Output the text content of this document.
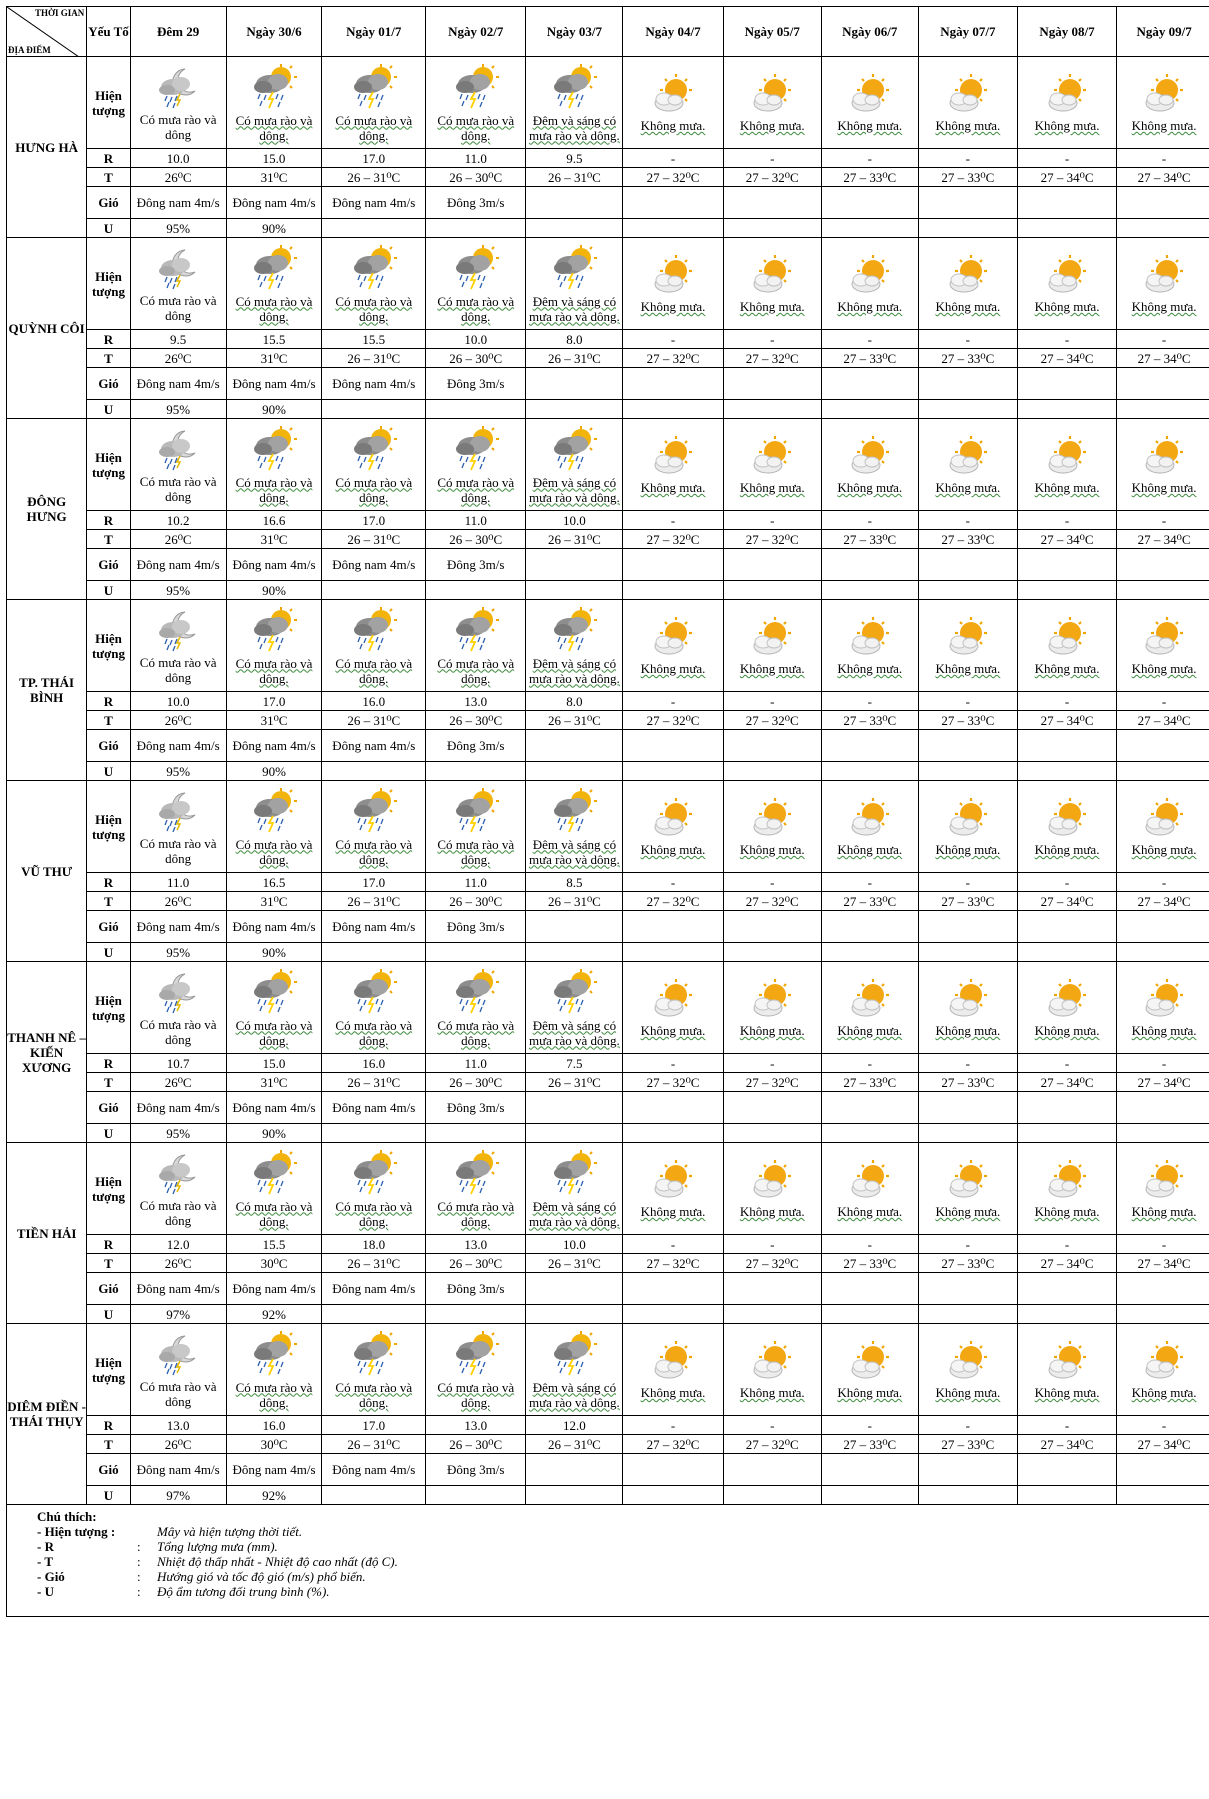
THỜI GIAN
ĐỊA ĐIỂM	Yếu Tố	Đêm 29	Ngày 30/6	Ngày 01/7	Ngày 02/7	Ngày 03/7	Ngày 04/7	Ngày 05/7	Ngày 06/7	Ngày 07/7	Ngày 08/7	Ngày 09/7
HƯNG HÀ	Hiện tượng	Có mưa rào và dông	Có mưa rào và dông.	Có mưa rào và dông.	Có mưa rào và dông.	Đêm và sáng có mưa rào và dông.	Không mưa.	Không mưa.	Không mưa.	Không mưa.	Không mưa.	Không mưa.

	R	10.0	15.0	17.0	11.0	9.5	-	-	-	-	-	-
	T	26⁰C	31⁰C	26 – 31⁰C	26 – 30⁰C	26 – 31⁰C	27 – 32⁰C	27 – 32⁰C	27 – 33⁰C	27 – 33⁰C	27 – 34⁰C	27 – 34⁰C
	Gió	Đông nam 4m/s	Đông nam 4m/s	Đông nam 4m/s	Đông 3m/s							
	U	95%	90%									
QUỲNH CÔI	Hiện tượng	Có mưa rào và dông	Có mưa rào và dông.	Có mưa rào và dông.	Có mưa rào và dông.	Đêm và sáng có mưa rào và dông.	Không mưa.	Không mưa.	Không mưa.	Không mưa.	Không mưa.	Không mưa.

	R	9.5	15.5	15.5	10.0	8.0	-	-	-	-	-	-
	T	26⁰C	31⁰C	26 – 31⁰C	26 – 30⁰C	26 – 31⁰C	27 – 32⁰C	27 – 32⁰C	27 – 33⁰C	27 – 33⁰C	27 – 34⁰C	27 – 34⁰C
	Gió	Đông nam 4m/s	Đông nam 4m/s	Đông nam 4m/s	Đông 3m/s							
	U	95%	90%									
ĐÔNG HƯNG	Hiện tượng	Có mưa rào và dông	Có mưa rào và dông.	Có mưa rào và dông.	Có mưa rào và dông.	Đêm và sáng có mưa rào và dông.	Không mưa.	Không mưa.	Không mưa.	Không mưa.	Không mưa.	Không mưa.

	R	10.2	16.6	17.0	11.0	10.0	-	-	-	-	-	-
	T	26⁰C	31⁰C	26 – 31⁰C	26 – 30⁰C	26 – 31⁰C	27 – 32⁰C	27 – 32⁰C	27 – 33⁰C	27 – 33⁰C	27 – 34⁰C	27 – 34⁰C
	Gió	Đông nam 4m/s	Đông nam 4m/s	Đông nam 4m/s	Đông 3m/s							
	U	95%	90%									
TP. THÁI BÌNH	Hiện tượng	Có mưa rào và dông	Có mưa rào và dông.	Có mưa rào và dông.	Có mưa rào và dông.	Đêm và sáng có mưa rào và dông.	Không mưa.	Không mưa.	Không mưa.	Không mưa.	Không mưa.	Không mưa.

	R	10.0	17.0	16.0	13.0	8.0	-	-	-	-	-	-
	T	26⁰C	31⁰C	26 – 31⁰C	26 – 30⁰C	26 – 31⁰C	27 – 32⁰C	27 – 32⁰C	27 – 33⁰C	27 – 33⁰C	27 – 34⁰C	27 – 34⁰C
	Gió	Đông nam 4m/s	Đông nam 4m/s	Đông nam 4m/s	Đông 3m/s							
	U	95%	90%									
VŨ THƯ	Hiện tượng	Có mưa rào và dông	Có mưa rào và dông.	Có mưa rào và dông.	Có mưa rào và dông.	Đêm và sáng có mưa rào và dông.	Không mưa.	Không mưa.	Không mưa.	Không mưa.	Không mưa.	Không mưa.

	R	11.0	16.5	17.0	11.0	8.5	-	-	-	-	-	-
	T	26⁰C	31⁰C	26 – 31⁰C	26 – 30⁰C	26 – 31⁰C	27 – 32⁰C	27 – 32⁰C	27 – 33⁰C	27 – 33⁰C	27 – 34⁰C	27 – 34⁰C
	Gió	Đông nam 4m/s	Đông nam 4m/s	Đông nam 4m/s	Đông 3m/s							
	U	95%	90%									
THANH NÊ – KIẾN XƯƠNG	Hiện tượng	Có mưa rào và dông	Có mưa rào và dông.	Có mưa rào và dông.	Có mưa rào và dông.	Đêm và sáng có mưa rào và dông.	Không mưa.	Không mưa.	Không mưa.	Không mưa.	Không mưa.	Không mưa.

	R	10.7	15.0	16.0	11.0	7.5	-	-	-	-	-	-
	T	26⁰C	31⁰C	26 – 31⁰C	26 – 30⁰C	26 – 31⁰C	27 – 32⁰C	27 – 32⁰C	27 – 33⁰C	27 – 33⁰C	27 – 34⁰C	27 – 34⁰C
	Gió	Đông nam 4m/s	Đông nam 4m/s	Đông nam 4m/s	Đông 3m/s							
	U	95%	90%									
TIỀN HẢI	Hiện tượng	Có mưa rào và dông	Có mưa rào và dông.	Có mưa rào và dông.	Có mưa rào và dông.	Đêm và sáng có mưa rào và dông.	Không mưa.	Không mưa.	Không mưa.	Không mưa.	Không mưa.	Không mưa.

	R	12.0	15.5	18.0	13.0	10.0	-	-	-	-	-	-
	T	26⁰C	30⁰C	26 – 31⁰C	26 – 30⁰C	26 – 31⁰C	27 – 32⁰C	27 – 32⁰C	27 – 33⁰C	27 – 33⁰C	27 – 34⁰C	27 – 34⁰C
	Gió	Đông nam 4m/s	Đông nam 4m/s	Đông nam 4m/s	Đông 3m/s							
	U	97%	92%									
DIÊM ĐIỀN - THÁI THỤY	Hiện tượng	Có mưa rào và dông	Có mưa rào và dông.	Có mưa rào và dông.	Có mưa rào và dông.	Đêm và sáng có mưa rào và dông.	Không mưa.	Không mưa.	Không mưa.	Không mưa.	Không mưa.	Không mưa.

	R	13.0	16.0	17.0	13.0	12.0	-	-	-	-	-	-
	T	26⁰C	30⁰C	26 – 31⁰C	26 – 30⁰C	26 – 31⁰C	27 – 32⁰C	27 – 32⁰C	27 – 33⁰C	27 – 33⁰C	27 – 34⁰C	27 – 34⁰C
	Gió	Đông nam 4m/s	Đông nam 4m/s	Đông nam 4m/s	Đông 3m/s							
	U	97%	92%									
Chú thích:
- Hiện tượng :	Mây và hiện tượng thời tiết.
- R	:	Tổng lượng mưa (mm).
- T	:	Nhiệt độ thấp nhất - Nhiệt độ cao nhất (độ C).
- Gió	:	Hướng gió và tốc độ gió (m/s) phổ biến.
- U	:	Độ ẩm tương đối trung bình (%).
